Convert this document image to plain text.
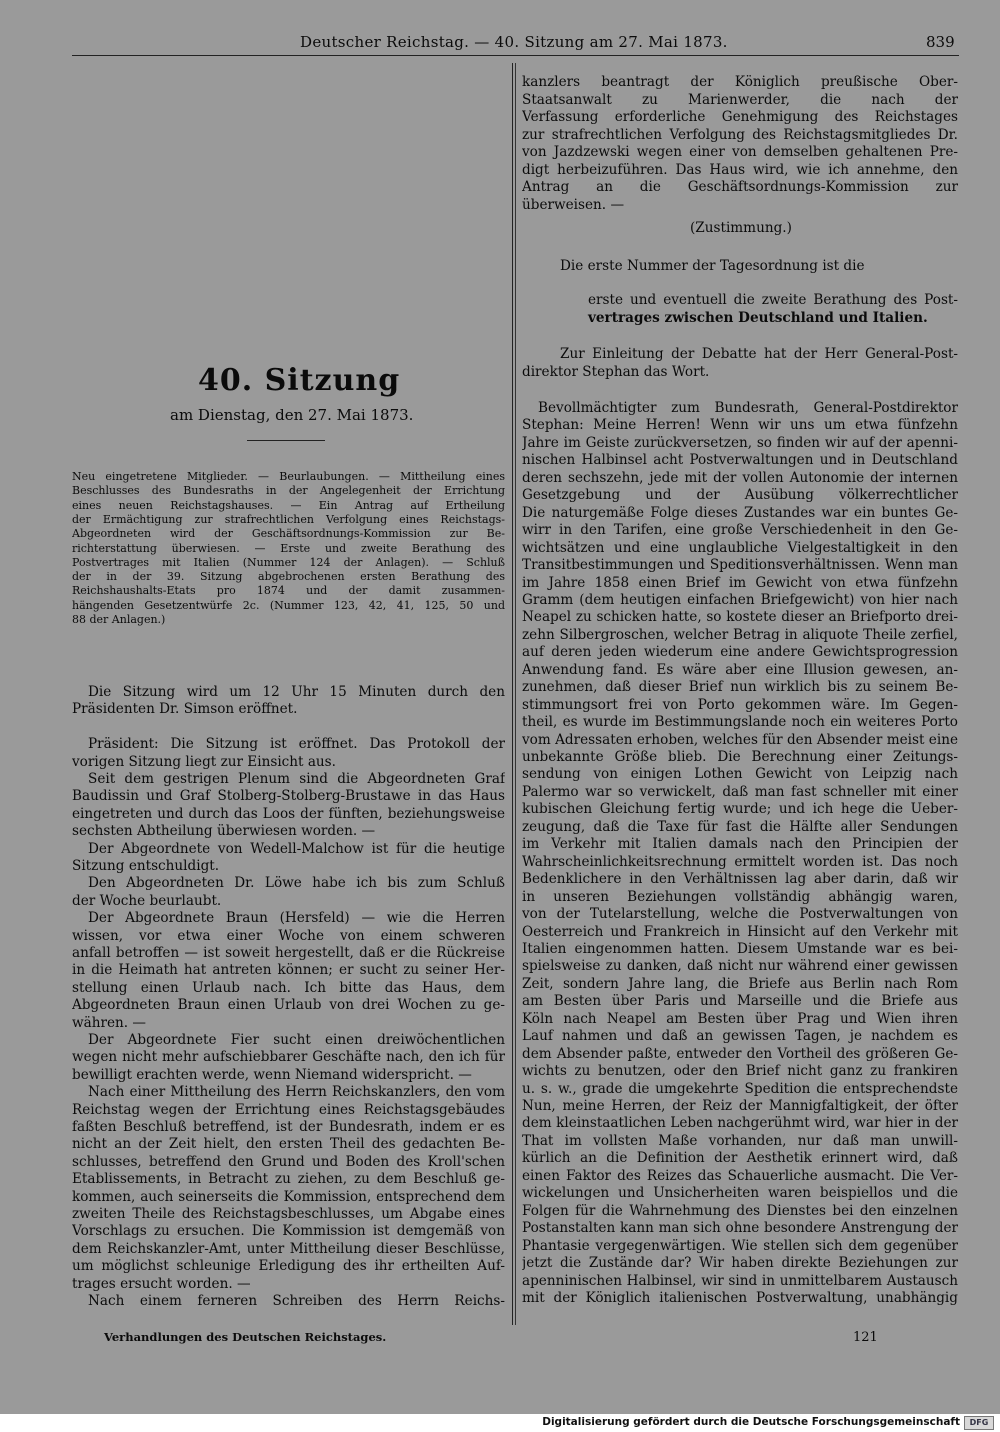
Deutscher Reichstag. — 40. Sitzung am 27. Mai 1873.	839
40. Sitzung
am Dienstag, den 27. Mai 1873.
Neu eingetretene Mitglieder. — Beurlaubungen. — Mittheilung eines
Beschlusses des Bundesraths in der Angelegenheit der Errichtung
eines neuen Reichstagshauses. — Ein Antrag auf Ertheilung
der Ermächtigung zur strafrechtlichen Verfolgung eines Reichstags-
Abgeordneten wird der Geschäftsordnungs-Kommission zur Be-
richterstattung überwiesen. — Erste und zweite Berathung des
Postvertrages mit Italien (Nummer 124 der Anlagen). — Schluß
der in der 39. Sitzung abgebrochenen ersten Berathung des
Reichshaushalts-Etats pro 1874 und der damit zusammen-
hängenden Gesetzentwürfe 2c. (Nummer 123, 42, 41, 125, 50 und
88 der Anlagen.)
Die Sitzung wird um 12 Uhr 15 Minuten durch den
Präsidenten Dr. Simson eröffnet.
Präsident: Die Sitzung ist eröffnet. Das Protokoll der
vorigen Sitzung liegt zur Einsicht aus.
Seit dem gestrigen Plenum sind die Abgeordneten Graf
Baudissin und Graf Stolberg-Stolberg-Brustawe in das Haus
eingetreten und durch das Loos der fünften, beziehungsweise
sechsten Abtheilung überwiesen worden. —
Der Abgeordnete von Wedell-Malchow ist für die heutige
Sitzung entschuldigt.
Den Abgeordneten Dr. Löwe habe ich bis zum Schluß
der Woche beurlaubt.
Der Abgeordnete Braun (Hersfeld) — wie die Herren
wissen, vor etwa einer Woche von einem schweren
anfall betroffen — ist soweit hergestellt, daß er die Rückreise
in die Heimath hat antreten können; er sucht zu seiner Her-
stellung einen Urlaub nach. Ich bitte das Haus, dem
Abgeordneten Braun einen Urlaub von drei Wochen zu ge-
währen. —
Der Abgeordnete Fier sucht einen dreiwöchentlichen
wegen nicht mehr aufschiebbarer Geschäfte nach, den ich für
bewilligt erachten werde, wenn Niemand widerspricht. —
Nach einer Mittheilung des Herrn Reichskanzlers, den vom
Reichstag wegen der Errichtung eines Reichstagsgebäudes
faßten Beschluß betreffend, ist der Bundesrath, indem er es
nicht an der Zeit hielt, den ersten Theil des gedachten Be-
schlusses, betreffend den Grund und Boden des Kroll'schen
Etablissements, in Betracht zu ziehen, zu dem Beschluß ge-
kommen, auch seinerseits die Kommission, entsprechend dem
zweiten Theile des Reichstagsbeschlusses, um Abgabe eines
Vorschlags zu ersuchen. Die Kommission ist demgemäß von
dem Reichskanzler-Amt, unter Mittheilung dieser Beschlüsse,
um möglichst schleunige Erledigung des ihr ertheilten Auf-
trages ersucht worden. —
Nach einem ferneren Schreiben des Herrn Reichs-
kanzlers beantragt der Königlich preußische Ober-
Staatsanwalt zu Marienwerder, die nach der
Verfassung erforderliche Genehmigung des Reichstages
zur strafrechtlichen Verfolgung des Reichstagsmitgliedes Dr.
von Jazdzewski wegen einer von demselben gehaltenen Pre-
digt herbeizuführen. Das Haus wird, wie ich annehme, den
Antrag an die Geschäftsordnungs-Kommission zur
überweisen. —
(Zustimmung.)
Die erste Nummer der Tagesordnung ist die
erste und eventuell die zweite Berathung des Post-
vertrages zwischen Deutschland und Italien.
Zur Einleitung der Debatte hat der Herr General-Post-
direktor Stephan das Wort.
Bevollmächtigter zum Bundesrath, General-Postdirektor
Stephan: Meine Herren! Wenn wir uns um etwa fünfzehn
Jahre im Geiste zurückversetzen, so finden wir auf der apenni-
nischen Halbinsel acht Postverwaltungen und in Deutschland
deren sechszehn, jede mit der vollen Autonomie der internen
Gesetzgebung und der Ausübung völkerrechtlicher
Die naturgemäße Folge dieses Zustandes war ein buntes Ge-
wirr in den Tarifen, eine große Verschiedenheit in den Ge-
wichtsätzen und eine unglaubliche Vielgestaltigkeit in den
Transitbestimmungen und Speditionsverhältnissen. Wenn man
im Jahre 1858 einen Brief im Gewicht von etwa fünfzehn
Gramm (dem heutigen einfachen Briefgewicht) von hier nach
Neapel zu schicken hatte, so kostete dieser an Briefporto drei-
zehn Silbergroschen, welcher Betrag in aliquote Theile zerfiel,
auf deren jeden wiederum eine andere Gewichtsprogression
Anwendung fand. Es wäre aber eine Illusion gewesen, an-
zunehmen, daß dieser Brief nun wirklich bis zu seinem Be-
stimmungsort frei von Porto gekommen wäre. Im Gegen-
theil, es wurde im Bestimmungslande noch ein weiteres Porto
vom Adressaten erhoben, welches für den Absender meist eine
unbekannte Größe blieb. Die Berechnung einer Zeitungs-
sendung von einigen Lothen Gewicht von Leipzig nach
Palermo war so verwickelt, daß man fast schneller mit einer
kubischen Gleichung fertig wurde; und ich hege die Ueber-
zeugung, daß die Taxe für fast die Hälfte aller Sendungen
im Verkehr mit Italien damals nach den Principien der
Wahrscheinlichkeitsrechnung ermittelt worden ist. Das noch
Bedenklichere in den Verhältnissen lag aber darin, daß wir
in unseren Beziehungen vollständig abhängig waren,
von der Tutelarstellung, welche die Postverwaltungen von
Oesterreich und Frankreich in Hinsicht auf den Verkehr mit
Italien eingenommen hatten. Diesem Umstande war es bei-
spielsweise zu danken, daß nicht nur während einer gewissen
Zeit, sondern Jahre lang, die Briefe aus Berlin nach Rom
am Besten über Paris und Marseille und die Briefe aus
Köln nach Neapel am Besten über Prag und Wien ihren
Lauf nahmen und daß an gewissen Tagen, je nachdem es
dem Absender paßte, entweder den Vortheil des größeren Ge-
wichts zu benutzen, oder den Brief nicht ganz zu frankiren
u. s. w., grade die umgekehrte Spedition die entsprechendste
Nun, meine Herren, der Reiz der Mannigfaltigkeit, der öfter
dem kleinstaatlichen Leben nachgerühmt wird, war hier in der
That im vollsten Maße vorhanden, nur daß man unwill-
kürlich an die Definition der Aesthetik erinnert wird, daß
einen Faktor des Reizes das Schauerliche ausmacht. Die Ver-
wickelungen und Unsicherheiten waren beispiellos und die
Folgen für die Wahrnehmung des Dienstes bei den einzelnen
Postanstalten kann man sich ohne besondere Anstrengung der
Phantasie vergegenwärtigen. Wie stellen sich dem gegenüber
jetzt die Zustände dar? Wir haben direkte Beziehungen zur
apenninischen Halbinsel, wir sind in unmittelbarem Austausch
mit der Königlich italienischen Postverwaltung, unabhängig
Verhandlungen des Deutschen Reichstages.	121
Digitalisierung gefördert durch die Deutsche Forschungsgemeinschaft	DFG
